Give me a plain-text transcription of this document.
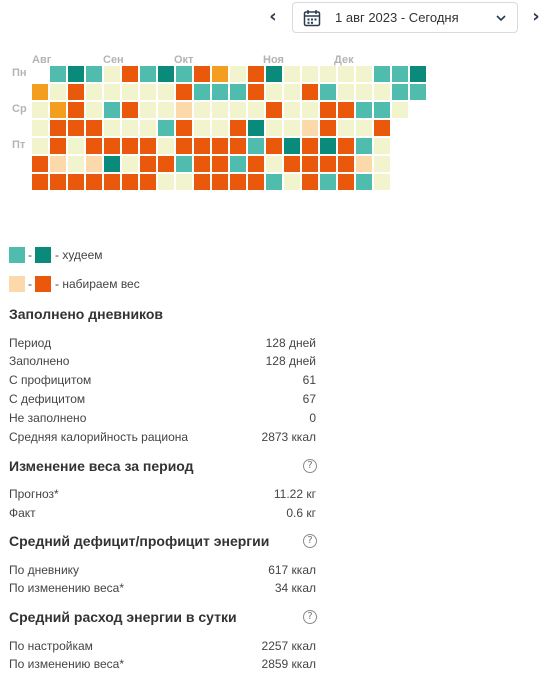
‹	1 авг 2023 - Сегодня	›
Авг	Сен	Окт	Ноя	Дек
Пн
Ср
Пт
- - худеем
- - набираем вес
Заполнено дневников
Период	128 дней
Заполнено	128 дней
С профицитом	61
С дефицитом	67
Не заполнено	0
Средняя калорийность рациона	2873 ккал
Изменение веса за период	?
Прогноз*	11.22 кг
Факт	0.6 кг
Средний дефицит/профицит энергии	?
По дневнику	617 ккал
По изменению веса*	34 ккал
Средний расход энергии в сутки	?
По настройкам	2257 ккал
По изменению веса*	2859 ккал
